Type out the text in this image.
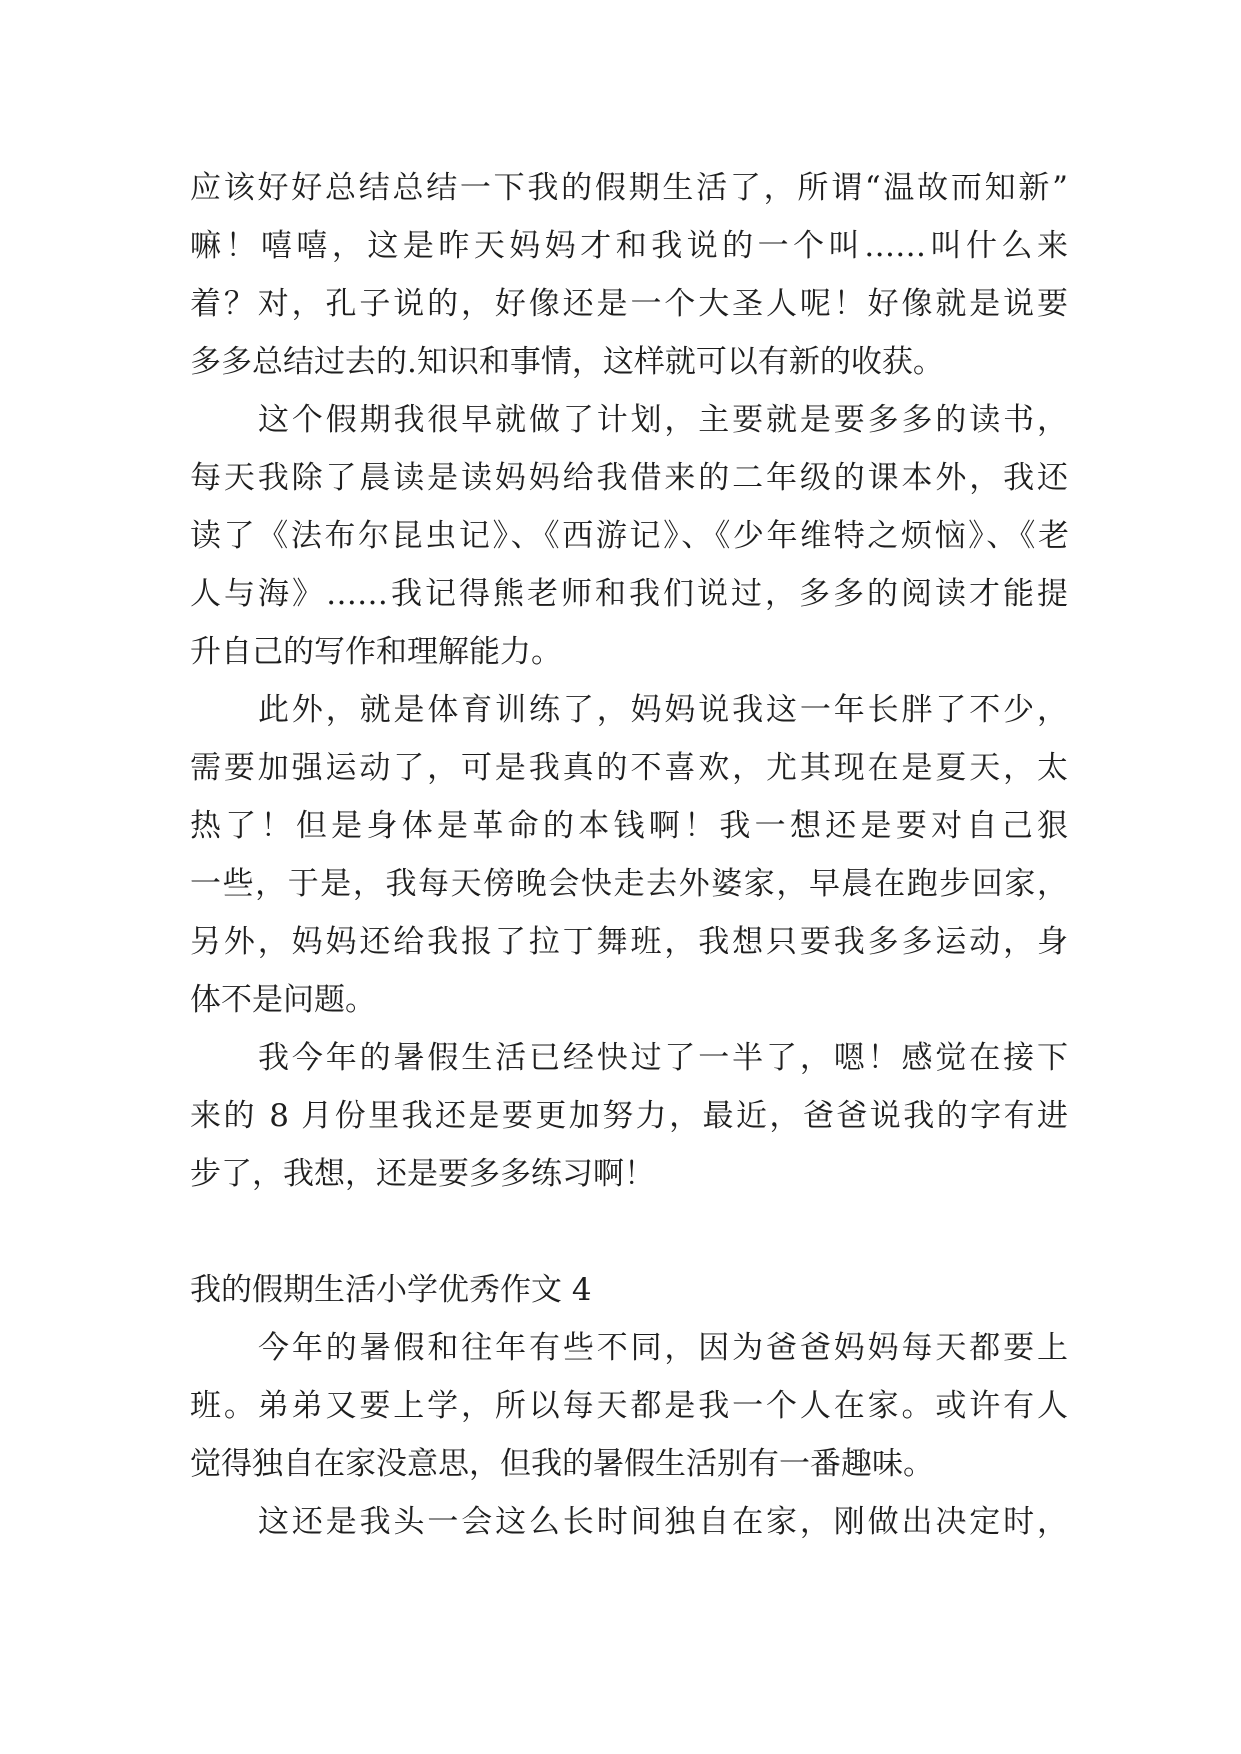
应该好好总结总结一下我的假期生活了，所谓“温故而知新”
嘛！嘻嘻，这是昨天妈妈才和我说的一个叫……叫什么来
着？对，孔子说的，好像还是一个大圣人呢！好像就是说要
多多总结过去的.知识和事情，这样就可以有新的收获。
这个假期我很早就做了计划，主要就是要多多的读书，
每天我除了晨读是读妈妈给我借来的二年级的课本外，我还
读了《法布尔昆虫记》、《西游记》、《少年维特之烦恼》、《老
人与海》……我记得熊老师和我们说过，多多的阅读才能提
升自己的写作和理解能力。
此外，就是体育训练了，妈妈说我这一年长胖了不少，
需要加强运动了，可是我真的不喜欢，尤其现在是夏天，太
热了！但是身体是革命的本钱啊！我一想还是要对自己狠
一些，于是，我每天傍晚会快走去外婆家，早晨在跑步回家，
另外，妈妈还给我报了拉丁舞班，我想只要我多多运动，身
体不是问题。
我今年的暑假生活已经快过了一半了，嗯！感觉在接下
来的 8 月份里我还是要更加努力，最近，爸爸说我的字有进
步了，我想，还是要多多练习啊！
我的假期生活小学优秀作文 4
今年的暑假和往年有些不同，因为爸爸妈妈每天都要上
班。弟弟又要上学，所以每天都是我一个人在家。或许有人
觉得独自在家没意思，但我的暑假生活别有一番趣味。
这还是我头一会这么长时间独自在家，刚做出决定时，
